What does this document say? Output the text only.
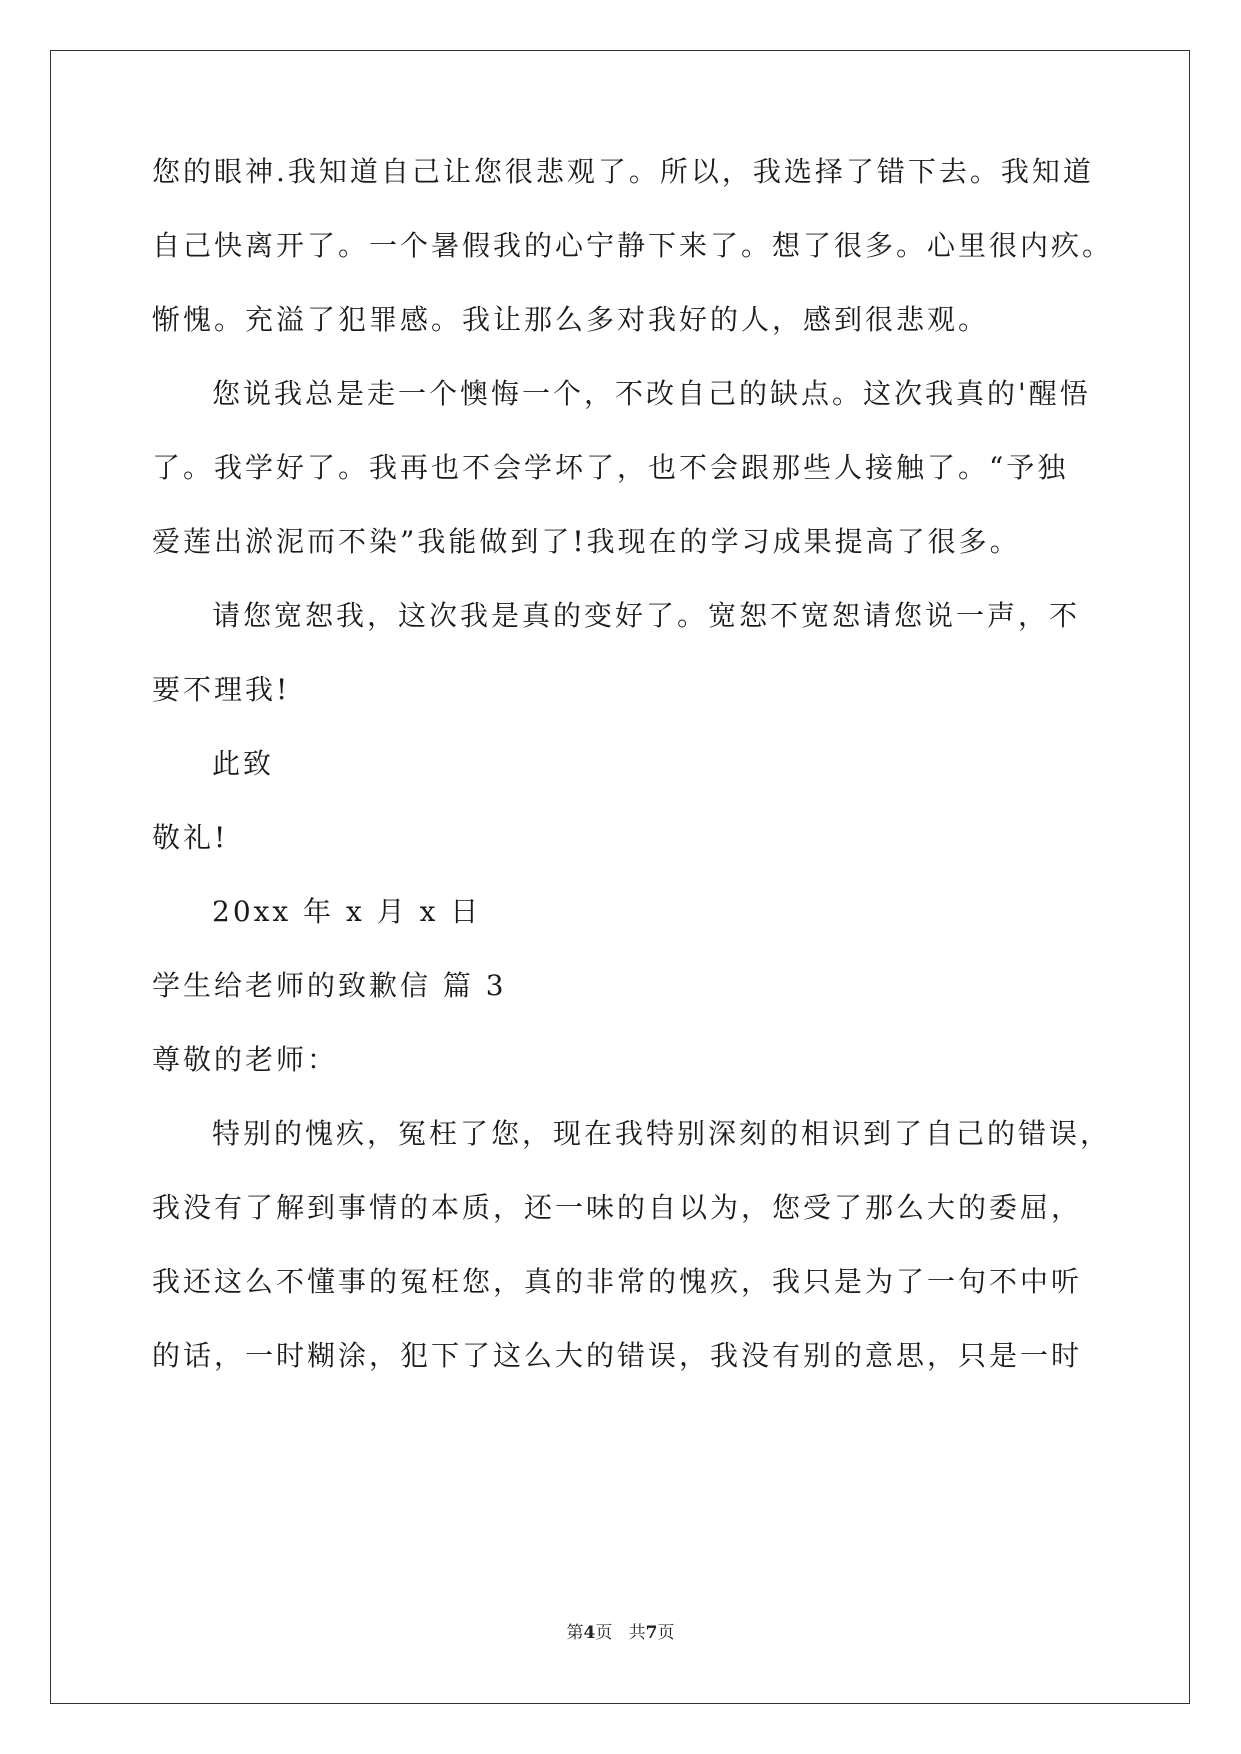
您的眼神.我知道自己让您很悲观了。所以，我选择了错下去。我知道
自己快离开了。一个暑假我的心宁静下来了。想了很多。心里很内疚。
惭愧。充溢了犯罪感。我让那么多对我好的人，感到很悲观。
您说我总是走一个懊悔一个，不改自己的缺点。这次我真的'醒悟
了。我学好了。我再也不会学坏了，也不会跟那些人接触了。“予独
爱莲出淤泥而不染”我能做到了!我现在的学习成果提高了很多。
请您宽恕我，这次我是真的变好了。宽恕不宽恕请您说一声，不
要不理我!
此致
敬礼!
20xx 年 x 月 x 日
学生给老师的致歉信 篇 3
尊敬的老师：
特别的愧疚，冤枉了您，现在我特别深刻的相识到了自己的错误，
我没有了解到事情的本质，还一味的自以为，您受了那么大的委屈，
我还这么不懂事的冤枉您，真的非常的愧疚，我只是为了一句不中听
的话，一时糊涂，犯下了这么大的错误，我没有别的意思，只是一时
第4页   共7页
